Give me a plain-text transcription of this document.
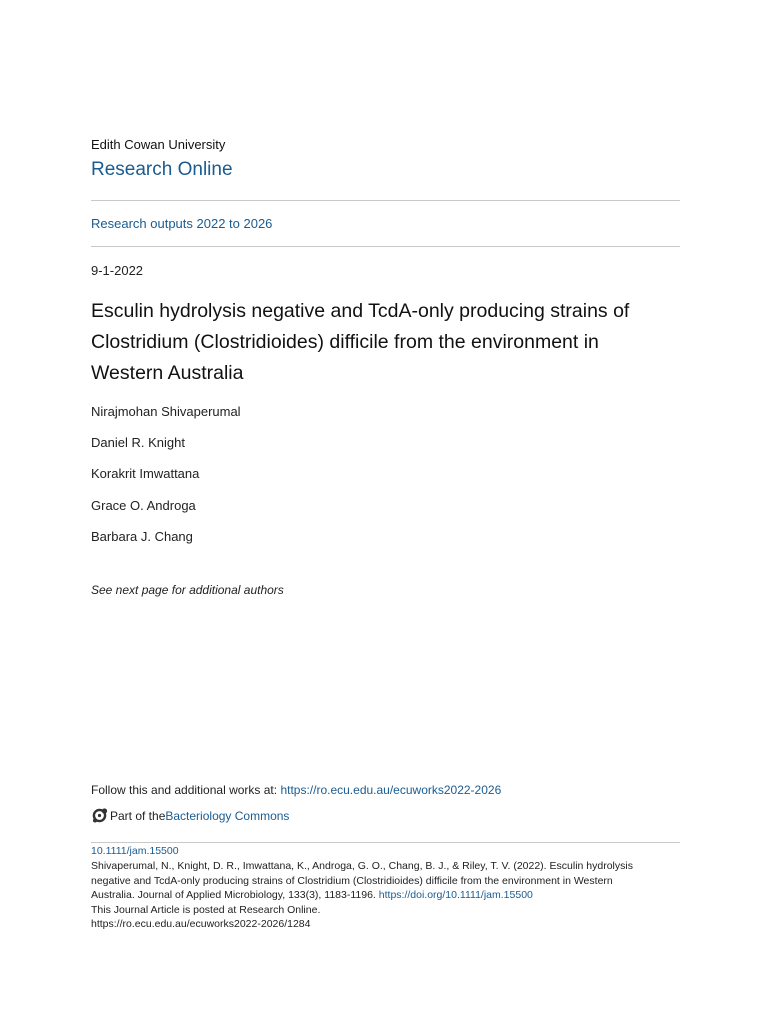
Edith Cowan University
Research Online
Research outputs 2022 to 2026
9-1-2022
Esculin hydrolysis negative and TcdA-only producing strains of
Clostridium (Clostridioides) difficile from the environment in
Western Australia
Nirajmohan Shivaperumal
Daniel R. Knight
Korakrit Imwattana
Grace O. Androga
Barbara J. Chang
See next page for additional authors
Follow this and additional works at: https://ro.ecu.edu.au/ecuworks2022-2026
Part of the Bacteriology Commons
10.1111/jam.15500
Shivaperumal, N., Knight, D. R., Imwattana, K., Androga, G. O., Chang, B. J., & Riley, T. V. (2022). Esculin hydrolysis
negative and TcdA-only producing strains of Clostridium (Clostridioides) difficile from the environment in Western
Australia. Journal of Applied Microbiology, 133(3), 1183-1196. https://doi.org/10.1111/jam.15500
This Journal Article is posted at Research Online.
https://ro.ecu.edu.au/ecuworks2022-2026/1284
